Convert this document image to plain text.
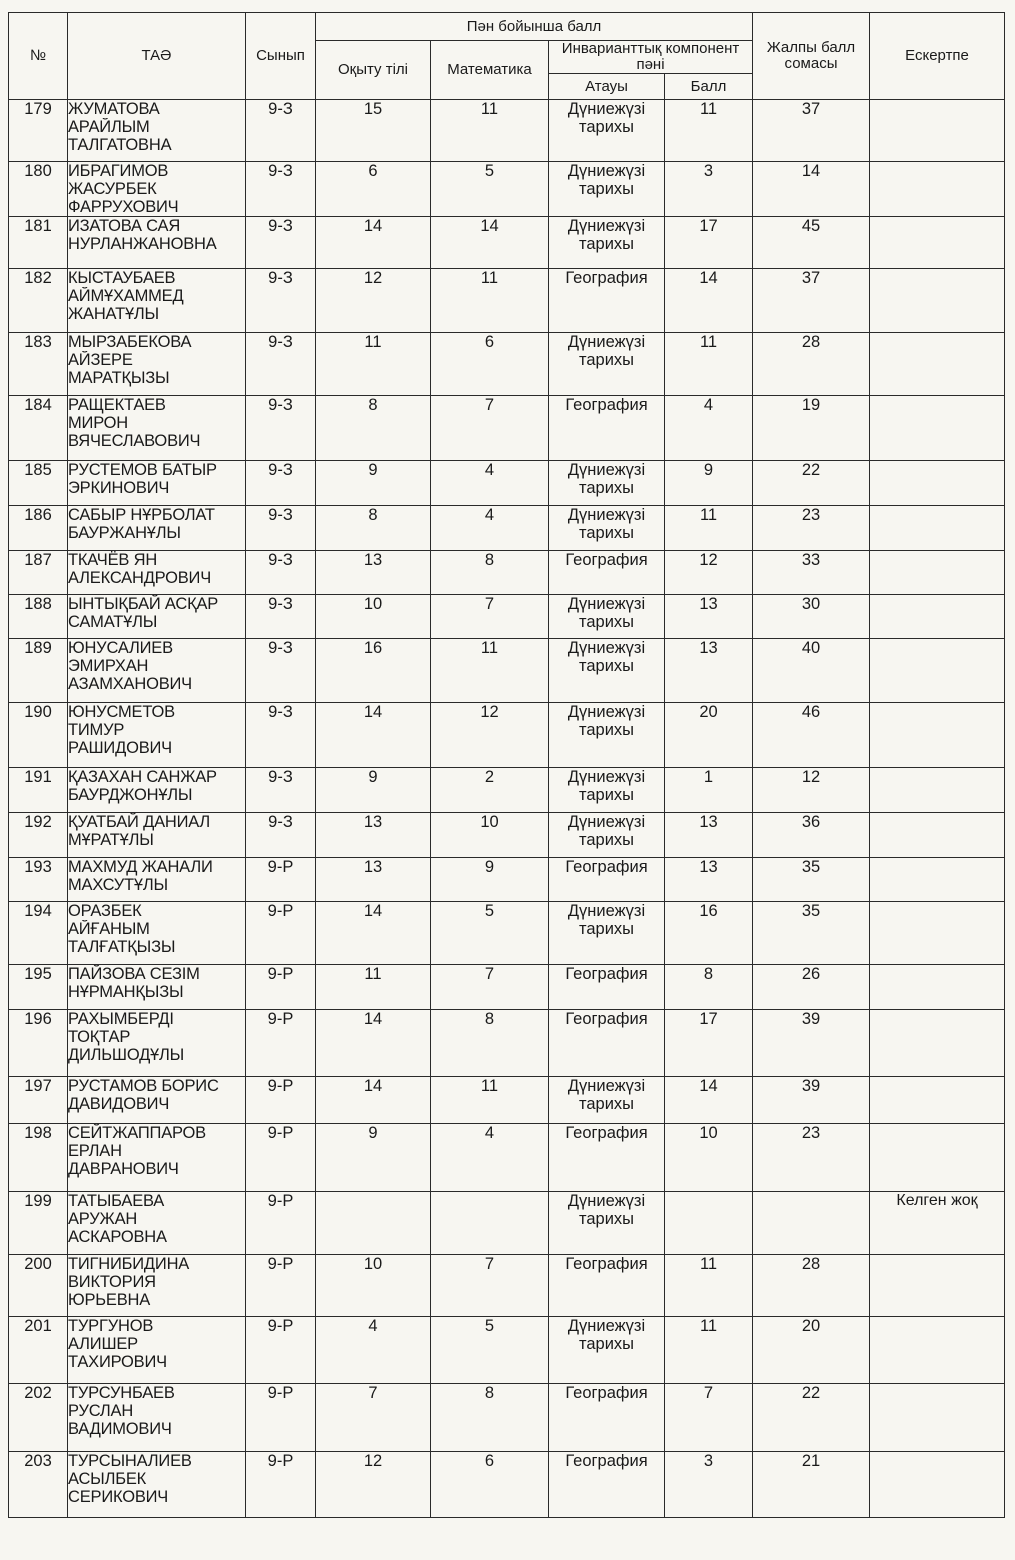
№	ТАӘ	Сынып	Пән бойынша балл				Жалпы балл сомасы	Ескертпе
			Оқыту тілі	Математика	Инварианттық компонент пәні			
					Атауы	Балл		
179	ЖУМАТОВА
АРАЙЛЫМ
ТАЛГАТОВНА	9-З	15	11	Дүниежүзі
тарихы	11	37	
180	ИБРАГИМОВ
ЖАСУРБЕК
ФАРРУХОВИЧ	9-З	6	5	Дүниежүзі
тарихы	3	14	
181	ИЗАТОВА САЯ
НУРЛАНЖАНОВНА	9-З	14	14	Дүниежүзі
тарихы	17	45	
182	КЫСТАУБАЕВ
АЙМҰХАММЕД
ЖАНАТҰЛЫ	9-З	12	11	География	14	37	
183	МЫРЗАБЕКОВА
АЙЗЕРЕ
МАРАТҚЫЗЫ	9-З	11	6	Дүниежүзі
тарихы	11	28	
184	РАЩЕКТАЕВ
МИРОН
ВЯЧЕСЛАВОВИЧ	9-З	8	7	География	4	19	
185	РУСТЕМОВ БАТЫР
ЭРКИНОВИЧ	9-З	9	4	Дүниежүзі
тарихы	9	22	
186	САБЫР НҰРБОЛАТ
БАУРЖАНҰЛЫ	9-З	8	4	Дүниежүзі
тарихы	11	23	
187	ТКАЧЁВ ЯН
АЛЕКСАНДРОВИЧ	9-З	13	8	География	12	33	
188	ЫНТЫҚБАЙ АСҚАР
САМАТҰЛЫ	9-З	10	7	Дүниежүзі
тарихы	13	30	
189	ЮНУСАЛИЕВ
ЭМИРХАН
АЗАМХАНОВИЧ	9-З	16	11	Дүниежүзі
тарихы	13	40	
190	ЮНУСМЕТОВ
ТИМУР
РАШИДОВИЧ	9-З	14	12	Дүниежүзі
тарихы	20	46	
191	ҚАЗАХАН САНЖАР
БАУРДЖОНҰЛЫ	9-З	9	2	Дүниежүзі
тарихы	1	12	
192	ҚУАТБАЙ ДАНИАЛ
МҰРАТҰЛЫ	9-З	13	10	Дүниежүзі
тарихы	13	36	
193	МАХМУД ЖАНАЛИ
МАХСУТҰЛЫ	9-Р	13	9	География	13	35	
194	ОРАЗБЕК
АЙҒАНЫМ
ТАЛҒАТҚЫЗЫ	9-Р	14	5	Дүниежүзі
тарихы	16	35	
195	ПАЙЗОВА СЕЗІМ
НҰРМАНҚЫЗЫ	9-Р	11	7	География	8	26	
196	РАХЫМБЕРДІ
ТОҚТАР
ДИЛЬШОДҰЛЫ	9-Р	14	8	География	17	39	
197	РУСТАМОВ БОРИС
ДАВИДОВИЧ	9-Р	14	11	Дүниежүзі
тарихы	14	39	
198	СЕЙТЖАППАРОВ
ЕРЛАН
ДАВРАНОВИЧ	9-Р	9	4	География	10	23	
199	ТАТЫБАЕВА
АРУЖАН
АСКАРОВНА	9-Р			Дүниежүзі
тарихы			Келген жоқ
200	ТИГНИБИДИНА
ВИКТОРИЯ
ЮРЬЕВНА	9-Р	10	7	География	11	28	
201	ТУРГУНОВ
АЛИШЕР
ТАХИРОВИЧ	9-Р	4	5	Дүниежүзі
тарихы	11	20	
202	ТУРСУНБАЕВ
РУСЛАН
ВАДИМОВИЧ	9-Р	7	8	География	7	22	
203	ТУРСЫНАЛИЕВ
АСЫЛБЕК
СЕРИКОВИЧ	9-Р	12	6	География	3	21	
